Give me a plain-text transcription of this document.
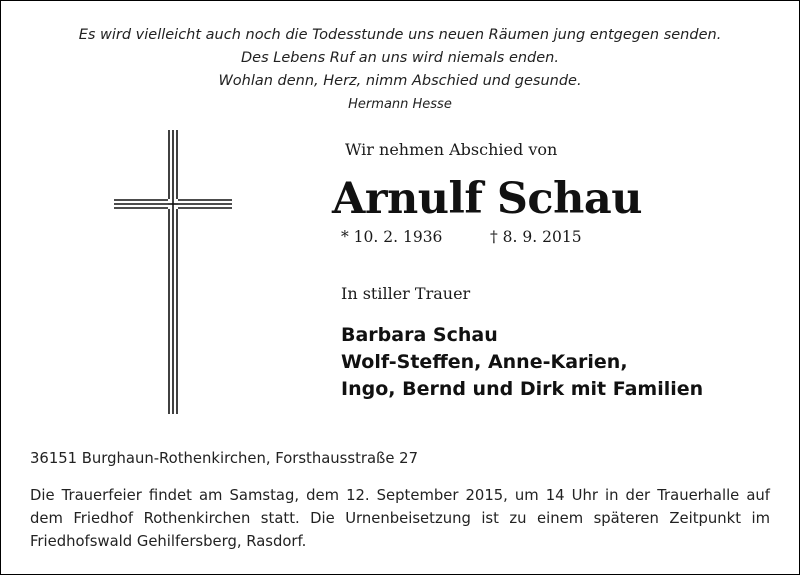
Es wird vielleicht auch noch die Todesstunde uns neuen Räumen jung entgegen senden.
Des Lebens Ruf an uns wird niemals enden.
Wohlan denn, Herz, nimm Abschied und gesunde.
Hermann Hesse
Wir nehmen Abschied von
Arnulf Schau
* 10. 2. 1936	† 8. 9. 2015
In stiller Trauer
Barbara Schau
Wolf-Steffen, Anne-Karien,
Ingo, Bernd und Dirk mit Familien
36151 Burghaun-Rothenkirchen, Forsthausstraße 27
Die Trauerfeier findet am Samstag, dem 12. September 2015, um 14 Uhr in der Trauerhalle auf dem Friedhof Rothenkirchen statt. Die Urnenbeisetzung ist zu einem späteren Zeitpunkt im Friedhofswald Gehilfersberg, Rasdorf.
